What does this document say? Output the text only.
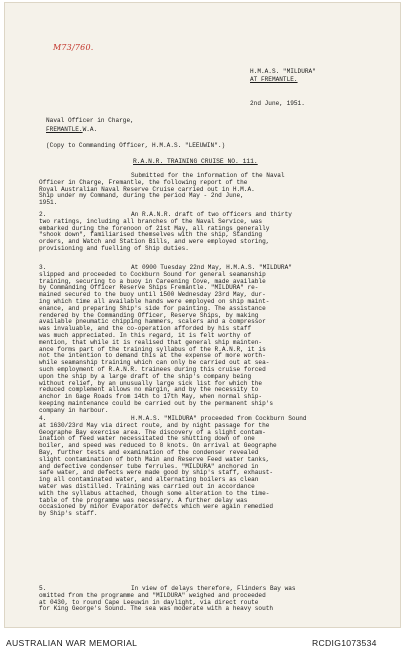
M73/760.
H.M.A.S. "MILDURA"
AT FREMANTLE.
2nd June, 1951.
Naval Officer in Charge,
FREMANTLE.W.A.
(Copy to Commanding Officer, H.M.A.S. "LEEUWIN".)
R.A.N.R. TRAINING CRUISE NO. 111.
Submitted for the information of the Naval
Officer in Charge, Fremantle, the following report of the
Royal Australian Naval Reserve Cruise carried out in H.M.A.
Ship under my Command, during the period May - 2nd June,
1951.
2.	An R.A.N.R. draft of two officers and thirty
two ratings, including all branches of the Naval Service, was
embarked during the forenoon of 21st May, all ratings generally
"shook down", familiarised themselves with the ship, Standing
orders, and Watch and Station Bills, and were employed storing,
provisioning and fuelling of Ship duties.
3.	At 0900 Tuesday 22nd May, H.M.A.S. "MILDURA"
slipped and proceeded to Cockburn Sound for general seamanship
training, securing to a buoy in Careening Cove, made available
by Commanding Officer Reserve Ships Fremantle. "MILDURA" re-
mained secured to the buoy until 1500 Wednesday 23rd May, dur-
ing which time all available hands were employed on ship maint-
enance, and preparing Ship's side for painting. The assistance
rendered by the Commanding Officer, Reserve Ships, by making
available pneumatic chipping hammers, scalers and a compressor
was invaluable, and the co-operation afforded by his staff
was much appreciated. In this regard, it is felt worthy of
mention, that while it is realised that general ship mainten-
ance forms part of the training syllabus of the R.A.N.R, it is
not the intention to demand this at the expense of more worth-
while seamanship training which can only be carried out at sea-
such employment of R.A.N.R. trainees during this cruise forced
upon the ship by a large draft of the ship's company being
without relief, by an unusually large sick list for which the
reduced complement allows no margin, and by the necessity to
anchor in Gage Roads from 14th to 17th May, when normal ship-
keeping maintenance could be carried out by the permanent ship's
company in harbour.
4.	H.M.A.S. "MILDURA" proceeded from Cockburn Sound
at 1630/23rd May via direct route, and by night passage for the
Geographe Bay exercise area. The discovery of a slight contam-
ination of feed water necessitated the shutting down of one
boiler, and speed was reduced to 8 knots. On arrival at Geographe
Bay, further tests and examination of the condenser revealed
slight contamination of both Main and Reserve Feed water tanks,
and defective condenser tube ferrules. "MILDURA" anchored in
safe water, and defects were made good by ship's staff, exhaust-
ing all contaminated water, and alternating boilers as clean
water was distilled. Training was carried out in accordance
with the syllabus attached, though some alteration to the time-
table of the programme was necessary. A further delay was
occasioned by minor Evaporator defects which were again remedied
by Ship's staff.
5.	In view of delays therefore, Flinders Bay was
omitted from the programme and "MILDURA" weighed and proceeded
at 0430, to round Cape Leeuwin in daylight, via direct route
for King George's Sound. The sea was moderate with a heavy south
AUSTRALIAN WAR MEMORIAL	RCDIG1073534
